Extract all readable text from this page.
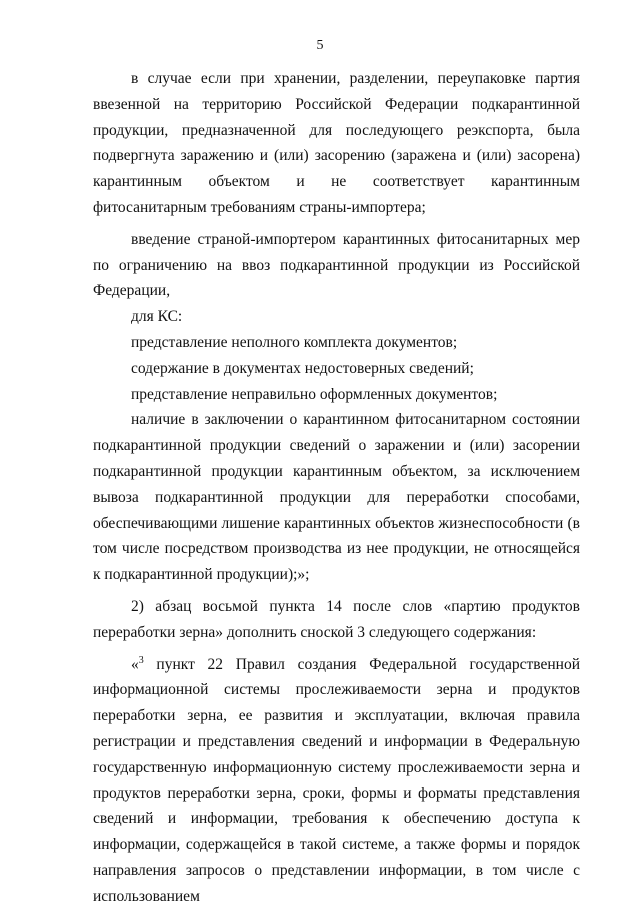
5

в случае если при хранении, разделении, переупаковке партия ввезенной на территорию Российской Федерации подкарантинной продукции, предназначенной для последующего реэкспорта, была подвергнута заражению и (или) засорению (заражена и (или) засорена) карантинным объектом и не соответствует карантинным фитосанитарным требованиям страны-импортера;

введение страной-импортером карантинных фитосанитарных мер по ограничению на ввоз подкарантинной продукции из Российской Федерации,

для КС:

представление неполного комплекта документов;

содержание в документах недостоверных сведений;

представление неправильно оформленных документов;

наличие в заключении о карантинном фитосанитарном состоянии подкарантинной продукции сведений о заражении и (или) засорении подкарантинной продукции карантинным объектом, за исключением вывоза подкарантинной продукции для переработки способами, обеспечивающими лишение карантинных объектов жизнеспособности (в том числе посредством производства из нее продукции, не относящейся к подкарантинной продукции);»;

2) абзац восьмой пункта 14 после слов «партию продуктов переработки зерна» дополнить сноской 3 следующего содержания:

«$^3$ пункт 22 Правил создания Федеральной государственной информационной системы прослеживаемости зерна и продуктов переработки зерна, ее развития и эксплуатации, включая правила регистрации и представления сведений и информации в Федеральную государственную информационную систему прослеживаемости зерна и продуктов переработки зерна, сроки, формы и форматы представления сведений и информации, требования к обеспечению доступа к информации, содержащейся в такой системе, а также формы и порядок направления запросов о представлении информации, в том числе с использованием
